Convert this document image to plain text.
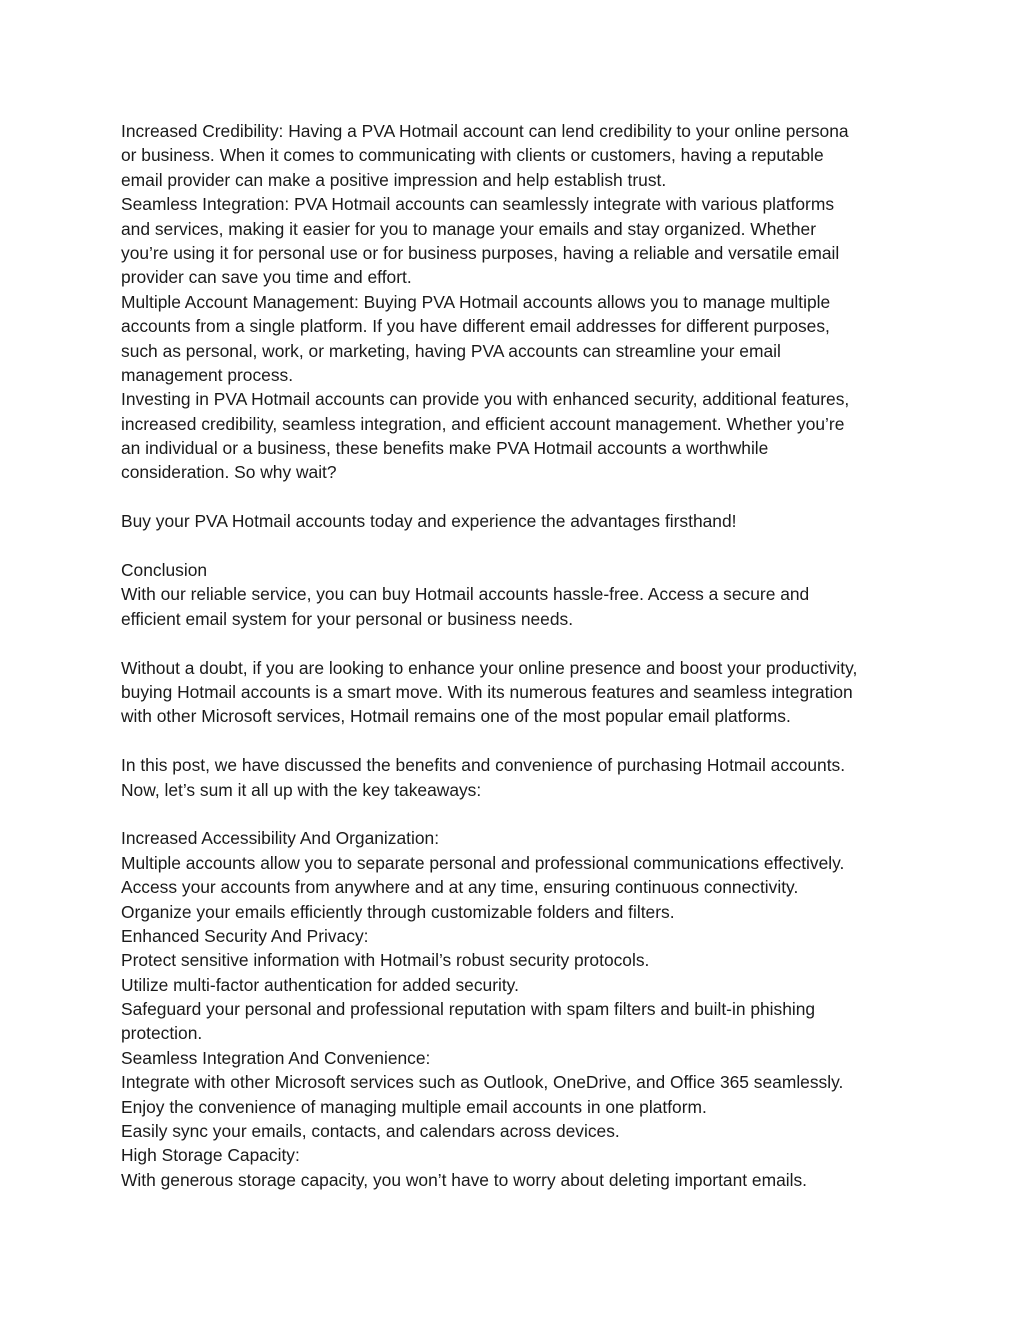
Increased Credibility: Having a PVA Hotmail account can lend credibility to your online persona
or business. When it comes to communicating with clients or customers, having a reputable
email provider can make a positive impression and help establish trust.
Seamless Integration: PVA Hotmail accounts can seamlessly integrate with various platforms
and services, making it easier for you to manage your emails and stay organized. Whether
you’re using it for personal use or for business purposes, having a reliable and versatile email
provider can save you time and effort.
Multiple Account Management: Buying PVA Hotmail accounts allows you to manage multiple
accounts from a single platform. If you have different email addresses for different purposes,
such as personal, work, or marketing, having PVA accounts can streamline your email
management process.
Investing in PVA Hotmail accounts can provide you with enhanced security, additional features,
increased credibility, seamless integration, and efficient account management. Whether you’re
an individual or a business, these benefits make PVA Hotmail accounts a worthwhile
consideration. So why wait?
Buy your PVA Hotmail accounts today and experience the advantages firsthand!
Conclusion
With our reliable service, you can buy Hotmail accounts hassle-free. Access a secure and
efficient email system for your personal or business needs.
Without a doubt, if you are looking to enhance your online presence and boost your productivity,
buying Hotmail accounts is a smart move. With its numerous features and seamless integration
with other Microsoft services, Hotmail remains one of the most popular email platforms.
In this post, we have discussed the benefits and convenience of purchasing Hotmail accounts.
Now, let’s sum it all up with the key takeaways:
Increased Accessibility And Organization:
Multiple accounts allow you to separate personal and professional communications effectively.
Access your accounts from anywhere and at any time, ensuring continuous connectivity.
Organize your emails efficiently through customizable folders and filters.
Enhanced Security And Privacy:
Protect sensitive information with Hotmail’s robust security protocols.
Utilize multi-factor authentication for added security.
Safeguard your personal and professional reputation with spam filters and built-in phishing
protection.
Seamless Integration And Convenience:
Integrate with other Microsoft services such as Outlook, OneDrive, and Office 365 seamlessly.
Enjoy the convenience of managing multiple email accounts in one platform.
Easily sync your emails, contacts, and calendars across devices.
High Storage Capacity:
With generous storage capacity, you won’t have to worry about deleting important emails.
